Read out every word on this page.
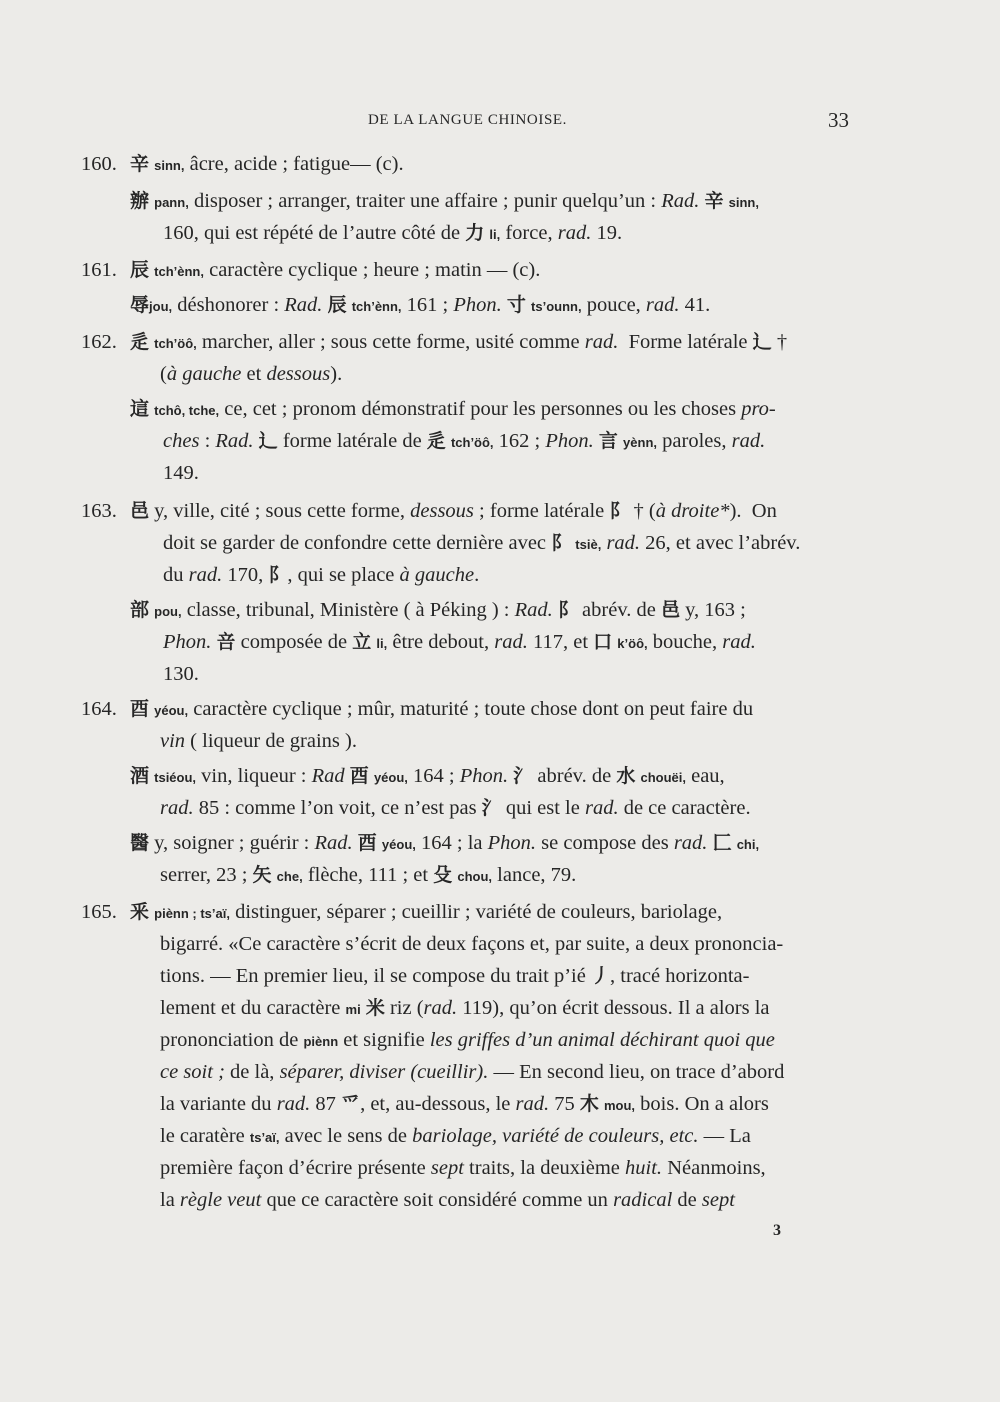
DE LA LANGUE CHINOISE.	33
160. 辛 sinn, âcre, acide ; fatigue— (c).
辦 pann, disposer ; arranger, traiter une affaire ; punir quelqu’un : Rad. 辛 sinn,
160, qui est répété de l’autre côté de 力 li, force, rad. 19.
161. 辰 tch’ènn, caractère cyclique ; heure ; matin — (c).
辱jou, déshonorer : Rad. 辰 tch’ènn, 161 ; Phon. 寸 ts’ounn, pouce, rad. 41.
162. 辵 tch’öô, marcher, aller ; sous cette forme, usité comme rad.  Forme latérale 辶 †
(à gauche et dessous).
這 tchô, tche, ce, cet ; pronom démonstratif pour les personnes ou les choses pro-
ches : Rad. 辶 forme latérale de 辵 tch’öô, 162 ; Phon. 言 yènn, paroles, rad.
149.
163. 邑 y, ville, cité ; sous cette forme, dessous ; forme latérale 阝 † (à droite*).  On
doit se garder de confondre cette dernière avec 阝 tsiè, rad. 26, et avec l’abrév.
du rad. 170, 阝, qui se place à gauche.
部 pou, classe, tribunal, Ministère ( à Péking ) : Rad. 阝 abrév. de 邑 y, 163 ;
Phon. 咅 composée de 立 li, être debout, rad. 117, et 口 k’öô, bouche, rad.
130.
164. 酉 yéou, caractère cyclique ; mûr, maturité ; toute chose dont on peut faire du
vin ( liqueur de grains ).
酒 tsiéou, vin, liqueur : Rad 酉 yéou, 164 ; Phon. 氵 abrév. de 水 chouëi, eau,
rad. 85 : comme l’on voit, ce n’est pas 氵 qui est le rad. de ce caractère.
醫 y, soigner ; guérir : Rad. 酉 yéou, 164 ; la Phon. se compose des rad. 匚 chi,
serrer, 23 ; 矢 che, flèche, 111 ; et 殳 chou, lance, 79.
165. 釆 piènn ; ts’aï, distinguer, séparer ; cueillir ; variété de couleurs, bariolage,
bigarré. «Ce caractère s’écrit de deux façons et, par suite, a deux prononcia-
tions. — En premier lieu, il se compose du trait p’ié 丿, tracé horizonta-
lement et du caractère mi 米 riz (rad. 119), qu’on écrit dessous. Il a alors la
prononciation de piènn et signifie les griffes d’un animal déchirant quoi que
ce soit ; de là, séparer, diviser (cueillir). — En second lieu, on trace d’abord
la variante du rad. 87 爫, et, au-dessous, le rad. 75 木 mou, bois. On a alors
le caratère ts’aï, avec le sens de bariolage, variété de couleurs, etc. — La
première façon d’écrire présente sept traits, la deuxième huit. Néanmoins,
la règle veut que ce caractère soit considéré comme un radical de sept
3
